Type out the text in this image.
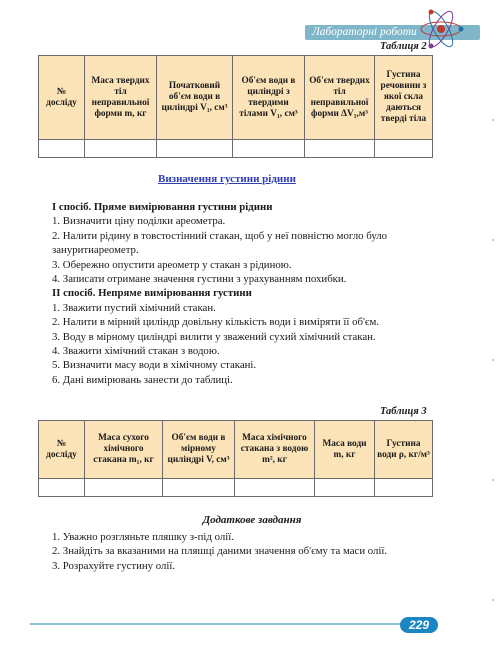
Лабораторні роботи
Таблиця 2
№ досліду	Маса твердих тіл неправильної форми m, кг	Початковий об'єм води в циліндрі V₁, см³	Об'єм води в циліндрі з твердими тілами V₁, см³	Об'єм твердих тіл неправильної форми ΔV₁,м³	Густина речовини з якої скла даються тверді тіла

Визначення густини рідини

І спосіб. Пряме вимірювання густини рідини

1. Визначити ціну поділки ареометра.

2. Налити рідину в товстостінний стакан, щоб у неї повністю могло було зануритиареометр.

3. Обережно опустити ареометр у стакан з рідиною.

4. Записати отримане значення густини з урахуванням похибки.

ІІ спосіб. Непряме вимірювання густини

1. Зважити пустий хімічний стакан.

2. Налити в мірний циліндр довільну кількість води і виміряти її об'єм.

3. Воду в мірному циліндрі вилити у зважений сухий хімічний стакан.

4. Зважити хімічний стакан з водою.

5. Визначити масу води в хімічному стакані.

6. Дані вимірювань занести до таблиці.

Таблиця 3
№ досліду	Маса сухого хімічного стакана m₁, кг	Об'єм води в мірному циліндрі V, см³	Маса хімічного стакана з водою m², кг	Маса води m, кг	Густина води ρ, кг/м³

Додаткове завдання

1. Уважно розгляньте пляшку з-під олії.

2. Знайдіть за вказаними на пляшці даними значення об'єму та маси олії.

3. Розрахуйте густину олії.

229
